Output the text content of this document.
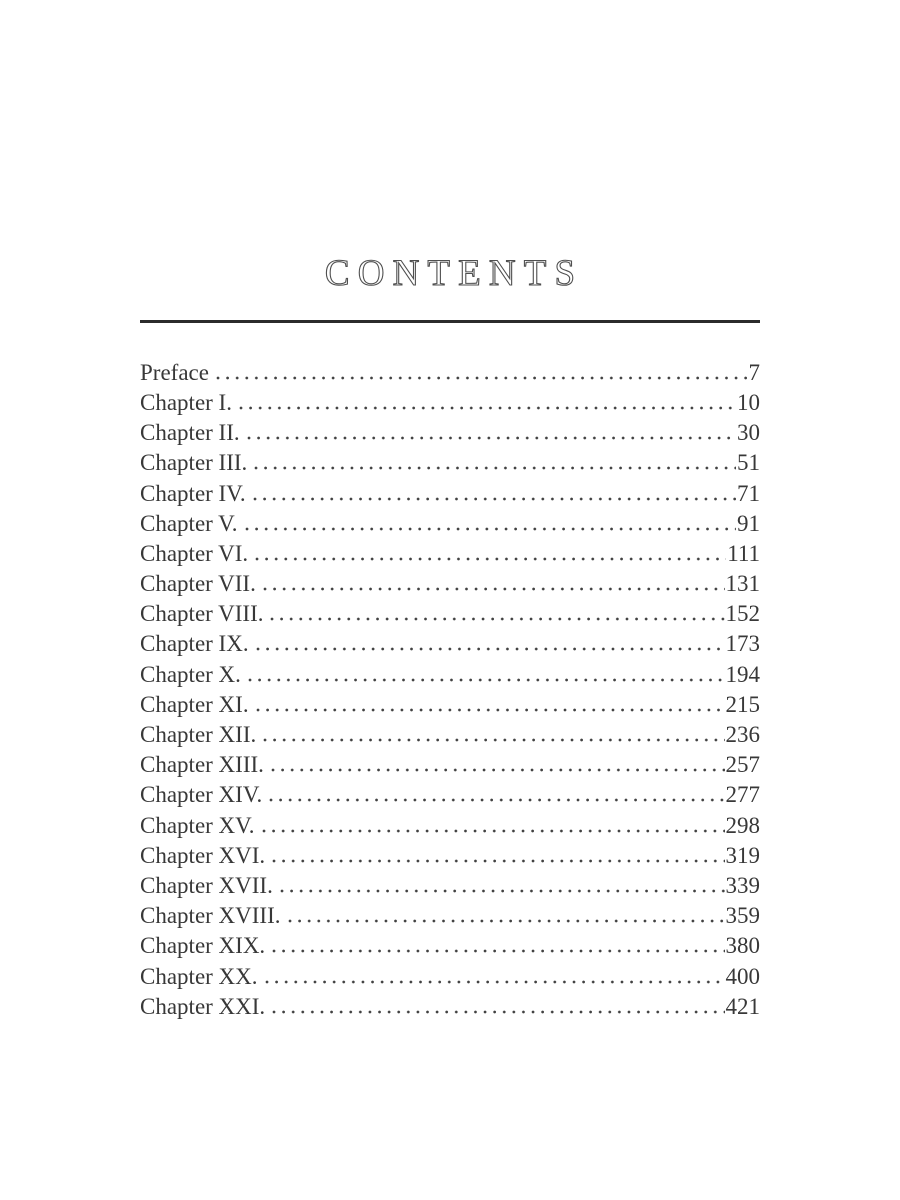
CONTENTS
Preface	7
Chapter I.	10
Chapter II.	30
Chapter III.	51
Chapter IV.	71
Chapter V.	91
Chapter VI.	111
Chapter VII.	131
Chapter VIII.	152
Chapter IX.	173
Chapter X.	194
Chapter XI.	215
Chapter XII.	236
Chapter XIII.	257
Chapter XIV.	277
Chapter XV.	298
Chapter XVI.	319
Chapter XVII.	339
Chapter XVIII.	359
Chapter XIX.	380
Chapter XX.	400
Chapter XXI.	421
